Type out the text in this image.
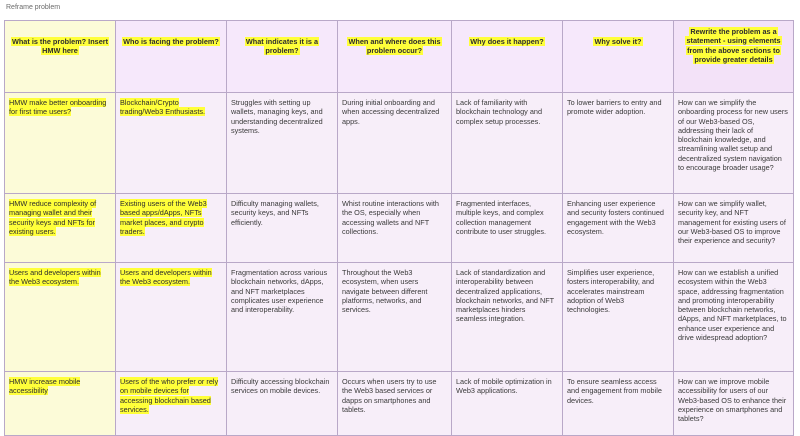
Reframe problem
What is the problem? Insert HMW here	Who is facing the problem?	What indicates it is a problem?	When and where does this problem occur?	Why does it happen?	Why solve it?	Rewrite the problem as a statement - using elements from the above sections to provide greater details
HMW make better onboarding for first time users?	Blockchain/Crypto trading/Web3 Enthusiasts.	Struggles with setting up wallets, managing keys, and understanding decentralized systems.	During initial onboarding and when accessing decentralized apps.	Lack of familiarity with blockchain technology and complex setup processes.	To lower barriers to entry and promote wider adoption.	How can we simplify the onboarding process for new users of our Web3-based OS, addressing their lack of blockchain knowledge, and streamlining wallet setup and decentralized system navigation to encourage broader usage?
HMW reduce complexity of managing wallet and their security keys and NFTs for existing users.	Existing users of the Web3 based apps/dApps, NFTs market places, and crypto traders.	Difficulty managing wallets, security keys, and NFTs efficiently.	Whist routine interactions with the OS, especially when accessing wallets and NFT collections.	Fragmented interfaces, multiple keys, and complex collection management contribute to user struggles.	Enhancing user experience and security fosters continued engagement with the Web3 ecosystem.	How can we simplify wallet, security key, and NFT management for existing users of our Web3-based OS to improve their experience and security?
Users and developers within the Web3 ecosystem.	Users and developers within the Web3 ecosystem.	Fragmentation across various blockchain networks, dApps, and NFT marketplaces complicates user experience and interoperability.	Throughout the Web3 ecosystem, when users navigate between different platforms, networks, and services.	Lack of standardization and interoperability between decentralized applications, blockchain networks, and NFT marketplaces hinders seamless integration.	Simplifies user experience, fosters interoperability, and accelerates mainstream adoption of Web3 technologies.	How can we establish a unified ecosystem within the Web3 space, addressing fragmentation and promoting interoperability between blockchain networks, dApps, and NFT marketplaces, to enhance user experience and drive widespread adoption?
HMW increase mobile accessibility	Users of the who prefer or rely on mobile devices for accessing blockchain based services.	Difficulty accessing blockchain services on mobile devices.	Occurs when users try to use the Web3 based services or dapps on smartphones and tablets.	Lack of mobile optimization in Web3 applications.	To ensure seamless access and engagement from mobile devices.	How can we improve mobile accessibility for users of our Web3-based OS to enhance their experience on smartphones and tablets?
